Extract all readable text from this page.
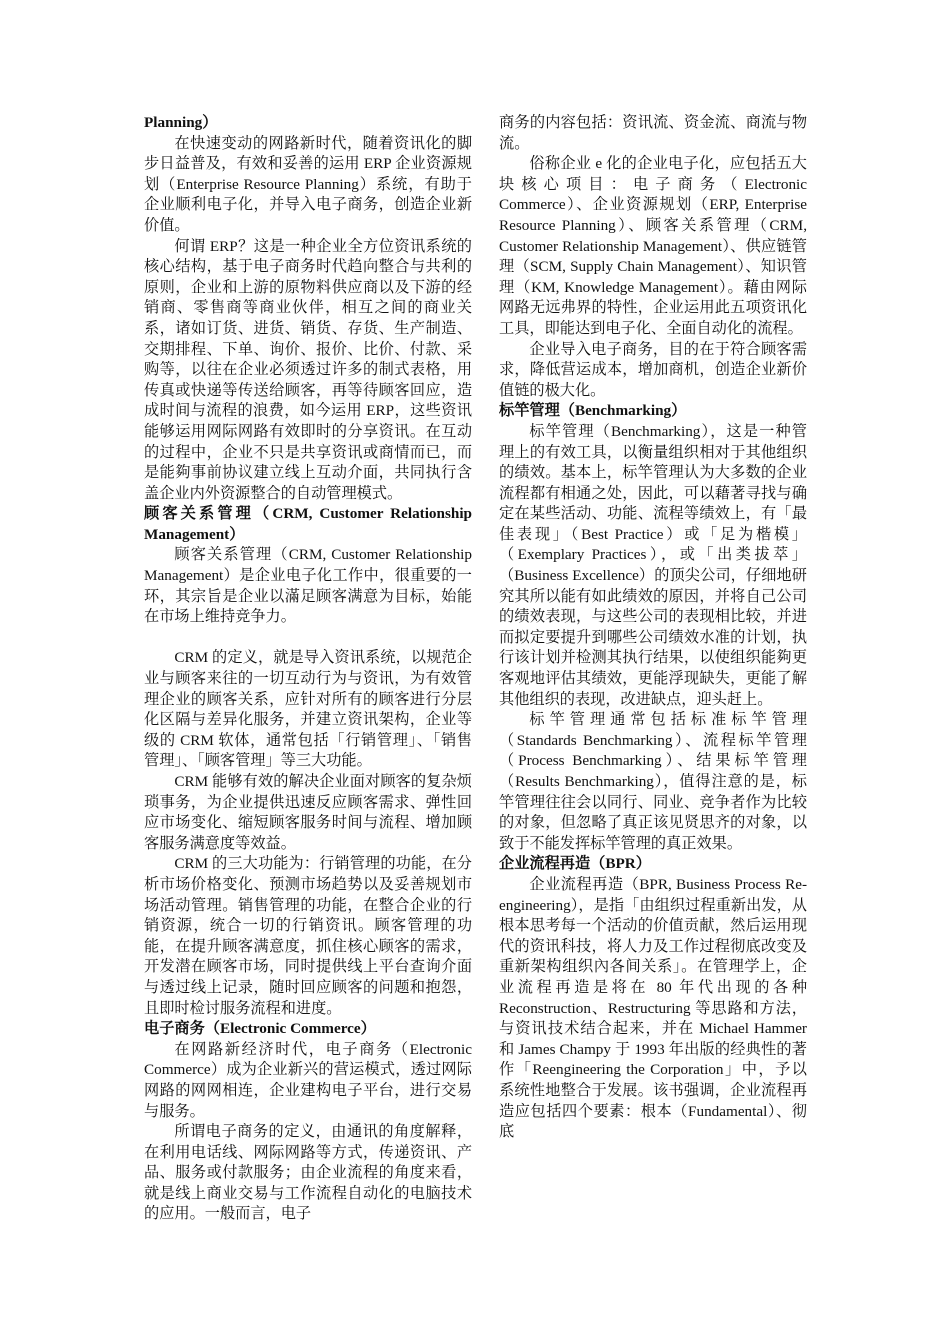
Planning）

在快速变动的网路新时代，随着资讯化的脚步日益普及，有效和妥善的运用 ERP 企业资源规划（Enterprise Resource Planning）系统，有助于企业顺利电子化，并导入电子商务，创造企业新价值。

何谓 ERP？这是一种企业全方位资讯系统的核心结构，基于电子商务时代趋向整合与共利的原则，企业和上游的原物料供应商以及下游的经销商、零售商等商业伙伴，相互之间的商业关系，诸如订货、进货、销货、存货、生产制造、交期排程、下单、询价、报价、比价、付款、采购等，以往在企业必须透过许多的制式表格，用传真或快递等传送给顾客，再等待顾客回应，造成时间与流程的浪费，如今运用 ERP，这些资讯能够运用网际网路有效即时的分享资讯。在互动的过程中，企业不只是共享资讯或商情而已，而是能夠事前协议建立线上互动介面，共同执行含盖企业内外资源整合的自动管理模式。

顾客关系管理（CRM, Customer Relationship Management）

顾客关系管理（CRM, Customer Relationship Management）是企业电子化工作中，很重要的一环，其宗旨是企业以滿足顾客满意为目标，始能在市场上维持竞争力。

CRM 的定义，就是导入资讯系统，以规范企业与顾客来往的一切互动行为与资讯，为有效管理企业的顾客关系，应针对所有的顾客进行分层化区隔与差异化服务，并建立资讯架构，企业等级的 CRM 软体，通常包括「行销管理」、「销售管理」、「顾客管理」等三大功能。

CRM 能够有效的解决企业面对顾客的复杂烦琐事务，为企业提供迅速反应顾客需求、弹性回应市场变化、缩短顾客服务时间与流程、增加顾客服务满意度等效益。

CRM 的三大功能为：行销管理的功能，在分析市场价格变化、预测市场趋势以及妥善规划市场活动管理。销售管理的功能，在整合企业的行销资源，统合一切的行销资讯。顾客管理的功能，在提升顾客满意度，抓住核心顾客的需求，开发潜在顾客市场，同时提供线上平台查询介面与透过线上记录，随时回应顾客的问题和抱怨，且即时检讨服务流程和进度。

电子商务（Electronic Commerce）

在网路新经济时代，电子商务（Electronic Commerce）成为企业新兴的营运模式，透过网际网路的网网相连，企业建构电子平台，进行交易与服务。

所谓电子商务的定义，由通讯的角度解释，在利用电话线、网际网路等方式，传递资讯、产品、服务或付款服务；由企业流程的角度来看，就是线上商业交易与工作流程自动化的电脑技术的应用。一般而言，电子

商务的内容包括：资讯流、资金流、商流与物流。

俗称企业 e 化的企业电子化，应包括五大块核心项目：电子商务（Electronic Commerce）、企业资源规划（ERP, Enterprise Resource Planning）、顾客关系管理（CRM, Customer Relationship Management）、供应链管理（SCM, Supply Chain Management）、知识管理（KM, Knowledge Management）。藉由网际网路无远弗界的特性，企业运用此五项资讯化工具，即能达到电子化、全面自动化的流程。

企业导入电子商务，目的在于符合顾客需求，降低营运成本，增加商机，创造企业新价值链的极大化。

标竿管理（Benchmarking）

标竿管理（Benchmarking），这是一种管理上的有效工具，以衡量组织相对于其他组织的绩效。基本上，标竿管理认为大多数的企业流程都有相通之处，因此，可以藉著寻找与确定在某些活动、功能、流程等绩效上，有「最佳表现」（Best Practice）或「足为楷模」（Exemplary Practices），或「出类拔萃」（Business Excellence）的顶尖公司，仔细地研究其所以能有如此绩效的原因，并将自己公司的绩效表现，与这些公司的表现相比较，并进而拟定要提升到哪些公司绩效水准的计划，执行该计划并检测其执行结果，以使组织能夠更客观地评估其绩效，更能浮现缺失，更能了解其他组织的表现，改进缺点，迎头赶上。

标竿管理通常包括标准标竿管理（Standards Benchmarking）、流程标竿管理（Process Benchmarking）、结果标竿管理（Results Benchmarking），值得注意的是，标竿管理往往会以同行、同业、竞争者作为比较的对象，但忽略了真正该见贤思齐的对象，以致于不能发挥标竿管理的真正效果。

企业流程再造（BPR）

企业流程再造（BPR, Business Process Re-engineering），是指「由组织过程重新出发，从根本思考每一个活动的价值贡献，然后运用现代的资讯科技，将人力及工作过程彻底改变及重新架构组织內各间关系」。在管理学上，企业流程再造是将在 80 年代出现的各种 Reconstruction、Restructuring 等思路和方法，与资讯技术结合起来，并在 Michael Hammer 和 James Champy 于 1993 年出版的经典性的著作「Reengineering the Corporation」中，予以系统性地整合于发展。该书强调，企业流程再造应包括四个要素：根本（Fundamental）、彻底
